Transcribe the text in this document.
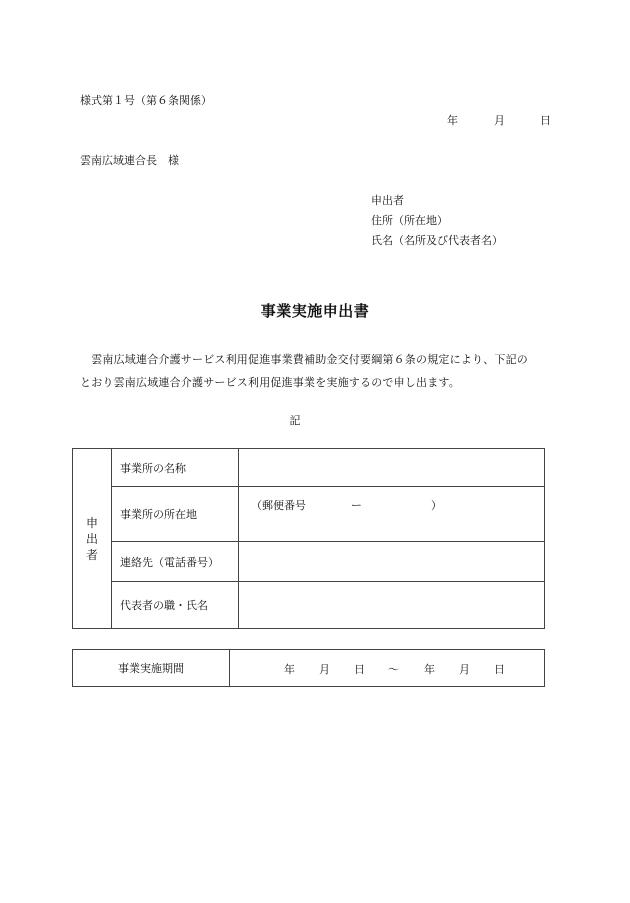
様式第１号（第６条関係）
年	月	日
雲南広域連合長　様
申出者
住所（所在地）
氏名（名所及び代表者名）
事業実施申出書
　雲南広域連合介護サービス利用促進事業費補助金交付要綱第６条の規定により、下記の
とおり雲南広域連合介護サービス利用促進事業を実施するので申し出ます。
記
申出者	事業所の名称	
	事業所の所在地	（郵便番号 ー ）

	連絡先（電話番号）	
	代表者の職・氏名	
事業実施期間	年 月 日 ～ 年 月 日
